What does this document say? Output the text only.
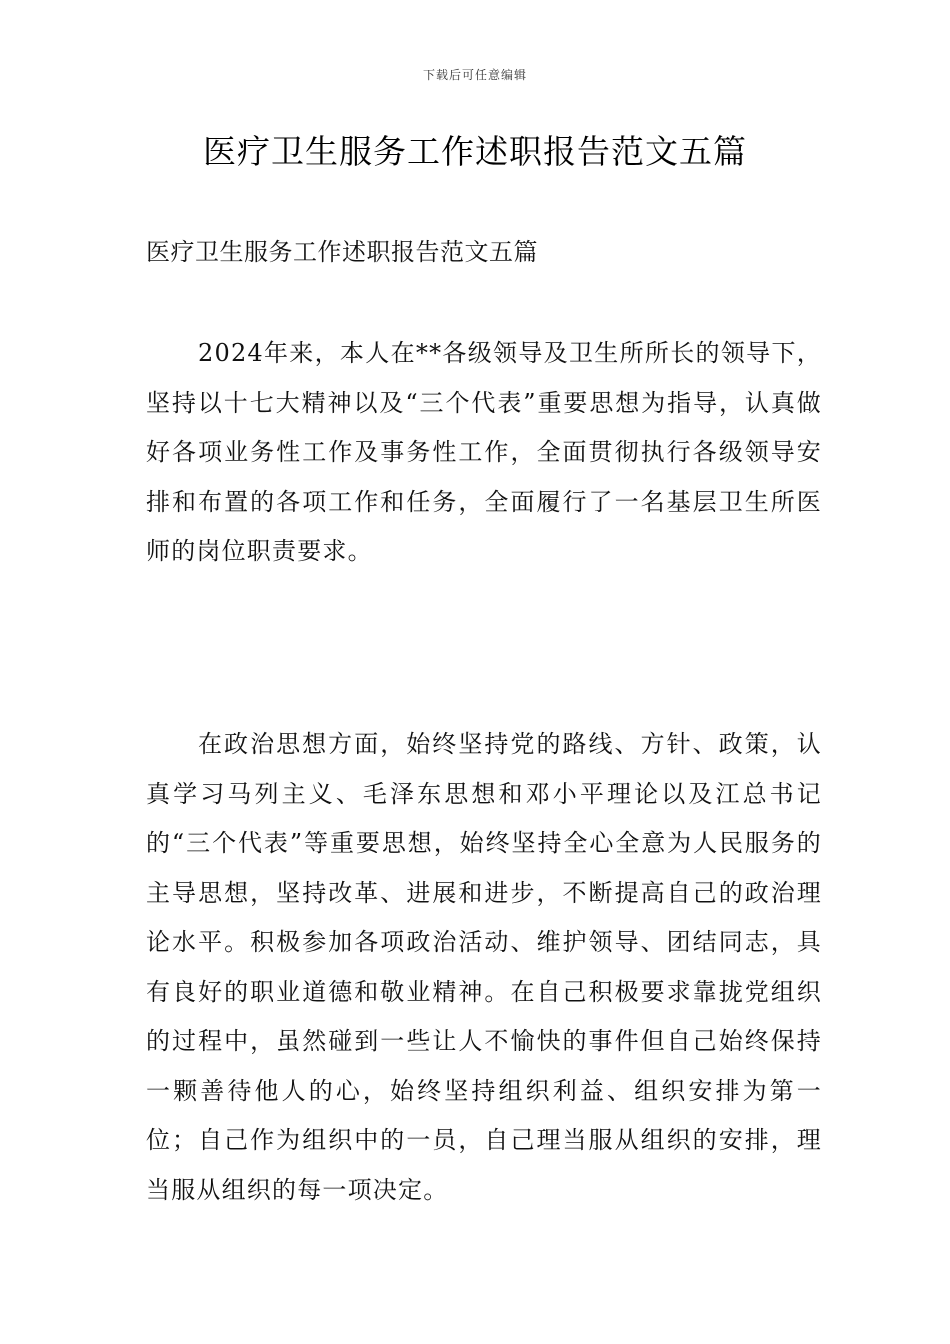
下载后可任意编辑
医疗卫生服务工作述职报告范文五篇
医疗卫生服务工作述职报告范文五篇

2024年来，本人在**各级领导及卫生所所长的领导下，坚持以十七大精神以及“三个代表”重要思想为指导，认真做好各项业务性工作及事务性工作，全面贯彻执行各级领导安排和布置的各项工作和任务，全面履行了一名基层卫生所医师的岗位职责要求。

在政治思想方面，始终坚持党的路线、方针、政策，认真学习马列主义、毛泽东思想和邓小平理论以及江总书记的“三个代表”等重要思想，始终坚持全心全意为人民服务的主导思想，坚持改革、进展和进步，不断提高自己的政治理论水平。积极参加各项政治活动、维护领导、团结同志，具有良好的职业道德和敬业精神。在自己积极要求靠拢党组织的过程中，虽然碰到一些让人不愉快的事件但自己始终保持一颗善待他人的心，始终坚持组织利益、组织安排为第一位；自己作为组织中的一员，自己理当服从组织的安排，理当服从组织的每一项决定。
